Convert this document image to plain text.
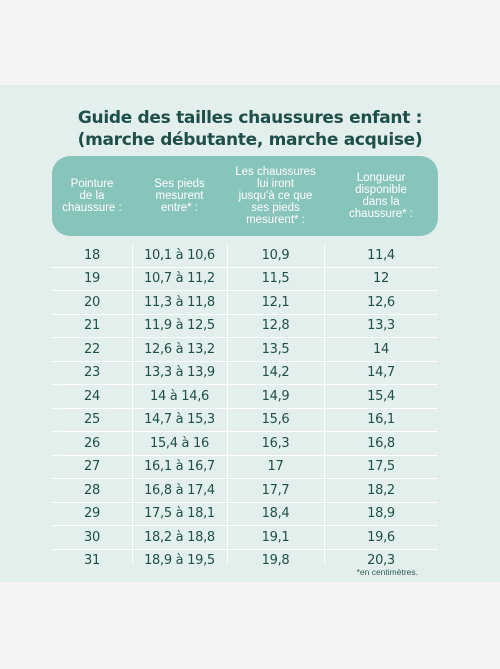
Guide des tailles chaussures enfant :
(marche débutante, marche acquise)
Pointure
de la
chaussure :
Ses pieds
mesurent
entre* :
Les chaussures
lui iront
jusqu'à ce que
ses pieds
mesurent* :
Longueur
disponible
dans la
chaussure* :
18	10,1 à 10,6	10,9	11,4
19	10,7 à 11,2	11,5	12
20	11,3 à 11,8	12,1	12,6
21	11,9 à 12,5	12,8	13,3
22	12,6 à 13,2	13,5	14
23	13,3 à 13,9	14,2	14,7
24	14 à 14,6	14,9	15,4
25	14,7 à 15,3	15,6	16,1
26	15,4 à 16	16,3	16,8
27	16,1 à 16,7	17	17,5
28	16,8 à 17,4	17,7	18,2
29	17,5 à 18,1	18,4	18,9
30	18,2 à 18,8	19,1	19,6
31	18,9 à 19,5	19,8	20,3
*en centimètres.
